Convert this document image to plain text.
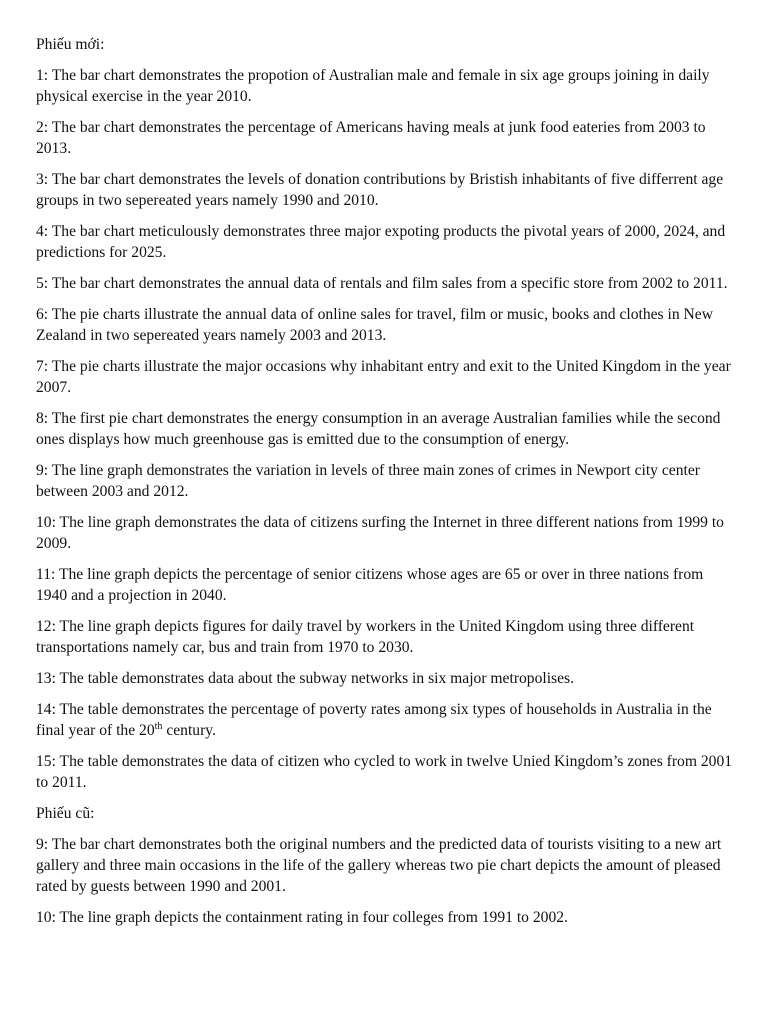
Phiếu mới:

1 : The bar chart demonstrates the propotion of Australian male and female in six age groups joining in daily physical exercise in the year 2010.

2 : The bar chart demonstrates the percentage of Americans having meals at junk food eateries from 2003 to 2013.

3 : The bar chart demonstrates the levels of donation contributions by Bristish inhabitants of five differrent age groups in two sepereated years namely 1990 and 2010.

4 : The bar chart meticulously demonstrates three major expoting products the pivotal years of 2000, 2024, and predictions for 2025.

5 : The bar chart demonstrates the annual data of rentals and film sales from a specific store from 2002 to 2011.

6 : The pie charts illustrate the annual data of online sales for travel, film or music, books and clothes in New Zealand in two sepereated years namely 2003 and 2013.

7 : The pie charts illustrate the major occasions why inhabitant entry and exit to the United Kingdom in the year 2007.

8 : The first pie chart demonstrates the energy consumption in an average Australian families while the second ones displays how much greenhouse gas is emitted due to the consumption of energy.

9 : The line graph demonstrates the variation in levels of three main zones of crimes in Newport city center between 2003 and 2012.

10 : The line graph demonstrates the data of citizens surfing the Internet in three different nations from 1999 to 2009.

11 : The line graph depicts the percentage of senior citizens whose ages are 65 or over in three nations from 1940 and a projection in 2040.

12 : The line graph depicts figures for daily travel by workers in the United Kingdom using three different transportations namely car, bus and train from 1970 to 2030.

13 : The table demonstrates data about the subway networks in six major metropolises.

14 : The table demonstrates the percentage of poverty rates among six types of households in Australia in the final year of the 20th century.

15 : The table demonstrates the data of citizen who cycled to work in twelve Unied Kingdom’s zones from 2001 to 2011.

Phiếu cũ:

9 : The bar chart demonstrates both the original numbers and the predicted data of tourists visiting to a new art gallery and three main occasions in the life of the gallery whereas two pie chart depicts the amount of pleased rated by guests between 1990 and 2001.

10 : The line graph depicts the containment rating in four colleges from 1991 to 2002.
